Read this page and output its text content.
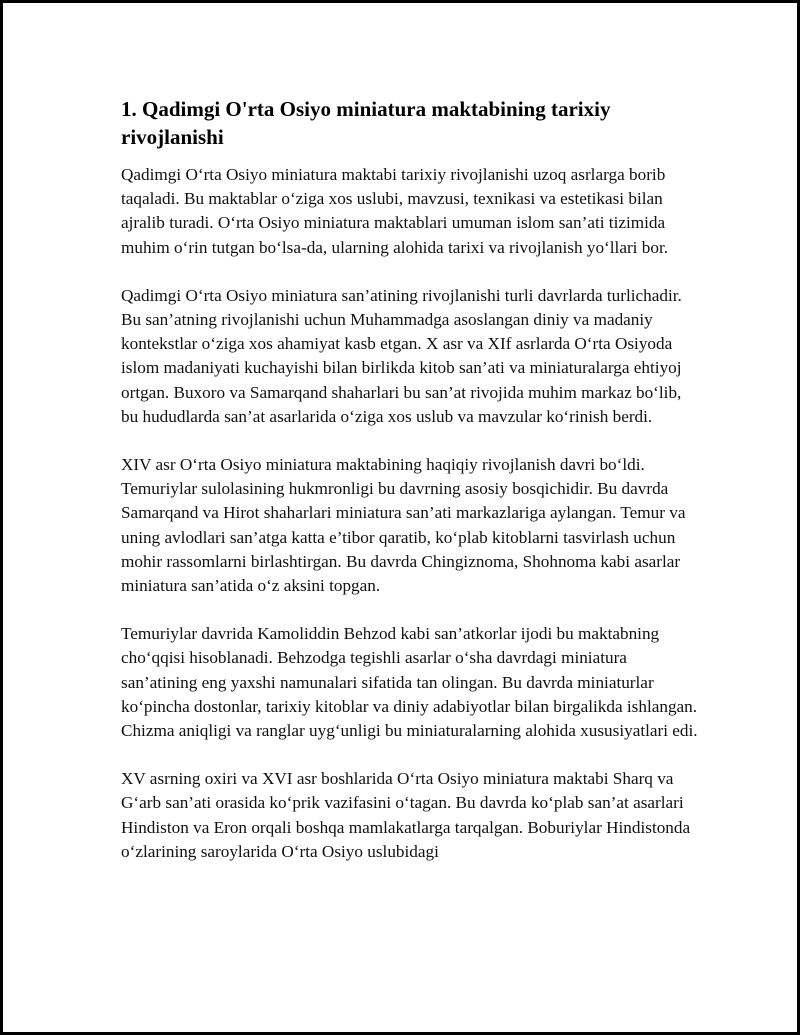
1. Qadimgi O'rta Osiyo miniatura maktabining tarixiy rivojlanishi

Qadimgi O‘rta Osiyo miniatura maktabi tarixiy rivojlanishi uzoq asrlarga borib taqaladi. Bu maktablar o‘ziga xos uslubi, mavzusi, texnikasi va estetikasi bilan ajralib turadi. O‘rta Osiyo miniatura maktablari umuman islom san’ati tizimida muhim o‘rin tutgan bo‘lsa-da, ularning alohida tarixi va rivojlanish yo‘llari bor.

Qadimgi O‘rta Osiyo miniatura san’atining rivojlanishi turli davrlarda turlichadir. Bu san’atning rivojlanishi uchun Muhammadga asoslangan diniy va madaniy kontekstlar o‘ziga xos ahamiyat kasb etgan. X asr va XIf asrlarda O‘rta Osiyoda islom madaniyati kuchayishi bilan birlikda kitob san’ati va miniaturalarga ehtiyoj ortgan. Buxoro va Samarqand shaharlari bu san’at rivojida muhim markaz bo‘lib, bu hududlarda san’at asarlarida o‘ziga xos uslub va mavzular ko‘rinish berdi.

XIV asr O‘rta Osiyo miniatura maktabining haqiqiy rivojlanish davri bo‘ldi. Temuriylar sulolasining hukmronligi bu davrning asosiy bosqichidir. Bu davrda Samarqand va Hirot shaharlari miniatura san’ati markazlariga aylangan. Temur va uning avlodlari san’atga katta e’tibor qaratib, ko‘plab kitoblarni tasvirlash uchun mohir rassomlarni birlashtirgan. Bu davrda Chingiznoma, Shohnoma kabi asarlar miniatura san’atida o‘z aksini topgan.

Temuriylar davrida Kamoliddin Behzod kabi san’atkorlar ijodi bu maktabning cho‘qqisi hisoblanadi. Behzodga tegishli asarlar o‘sha davrdagi miniatura san’atining eng yaxshi namunalari sifatida tan olingan. Bu davrda miniaturlar ko‘pincha dostonlar, tarixiy kitoblar va diniy adabiyotlar bilan birgalikda ishlangan. Chizma aniqligi va ranglar uyg‘unligi bu miniaturalarning alohida xususiyatlari edi.

XV asrning oxiri va XVI asr boshlarida O‘rta Osiyo miniatura maktabi Sharq va G‘arb san’ati orasida ko‘prik vazifasini o‘tagan. Bu davrda ko‘plab san’at asarlari Hindiston va Eron orqali boshqa mamlakatlarga tarqalgan. Boburiylar Hindistonda o‘zlarining saroylarida O‘rta Osiyo uslubidagi
